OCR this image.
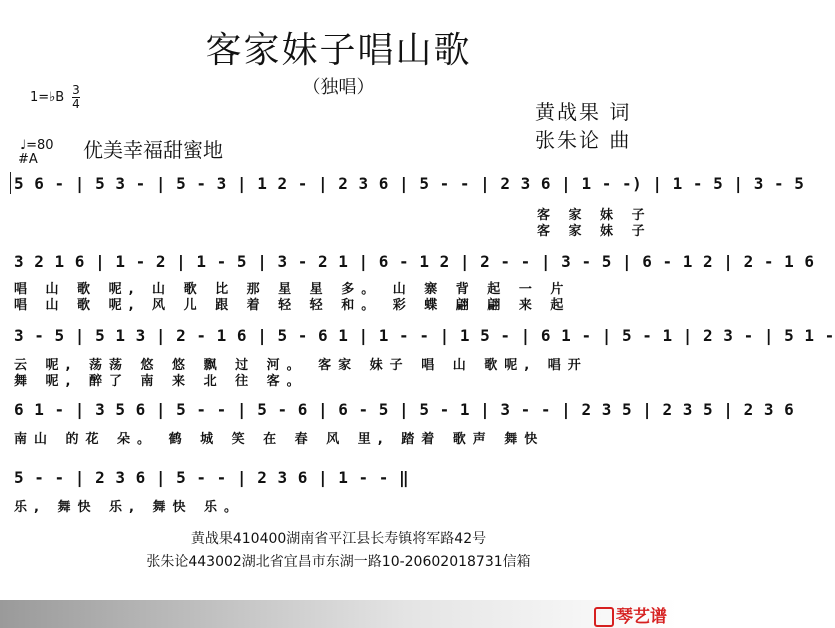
客家妹子唱山歌
（独唱）
1=♭B 3
4
♩=80 优美幸福甜蜜地
#A
黄战果 词
张朱论 曲
5 6 - | 5 3 - | 5 - 3 | 1 2 - | 2 3 6 | 5 - - | 2 3 6 | 1 - -) | 1 - 5 | 3 - 5
客 家 妹 子
客 家 妹 子
3 2 1 6 | 1 - 2 | 1 - 5 | 3 - 2 1 | 6 - 1 2 | 2 - - | 3 - 5 | 6 - 1 2 | 2 - 1 6
唱 山 歌 呢, 山 歌 比 那 星 星 多。 山 寨 背 起 一 片
唱 山 歌 呢, 风 儿 跟 着 轻 轻 和。 彩 蝶 翩 翩 来 起
3 - 5 | 5 1 3 | 2 - 1 6 | 5 - 6 1 | 1 - - | 1 5 - | 6 1 - | 5 - 1 | 2 3 - | 5 1 -
云 呢, 荡荡 悠 悠 飘 过 河。 客家 妹子 唱 山 歌呢, 唱开
舞 呢, 醉了 南 来 北 往 客。
6 1 - | 3 5 6 | 5 - - | 5 - 6 | 6 - 5 | 5 - 1 | 3 - - | 2 3 5 | 2 3 5 | 2 3 6
南山 的花 朵。 鹤 城 笑 在 春 风 里, 踏着 歌声 舞快
5 - - | 2 3 6 | 5 - - | 2 3 6 | 1 - - ‖
乐, 舞快 乐, 舞快 乐。
黄战果410400湖南省平江县长寿镇将军路42号
张朱论443002湖北省宜昌市东湖一路10-20602018731信箱
琴艺谱
